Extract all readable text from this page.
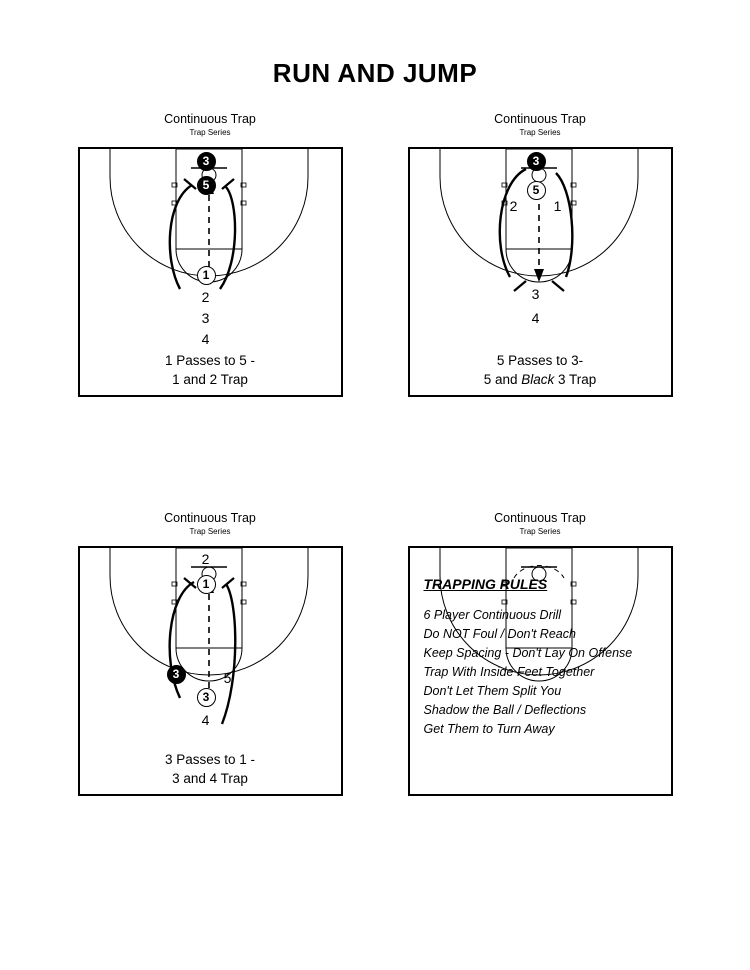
RUN AND JUMP
Continuous Trap
Trap Series
3
5
1
2
3
4
1 Passes to 5 -
1 and 2 Trap
Continuous Trap
Trap Series
3
5
2	1
3
4
5 Passes to 3-
5 and Black 3 Trap
Continuous Trap
Trap Series
1
3
3
2
5
4
3 Passes to 1 -
3 and 4 Trap
Continuous Trap
Trap Series
TRAPPING RULES
6 Player Continuous Drill
Do NOT Foul / Don't Reach
Keep Spacing - Don't Lay On Offense
Trap With Inside Feet Together
Don't Let Them Split You
Shadow the Ball / Deflections
Get Them to Turn Away
